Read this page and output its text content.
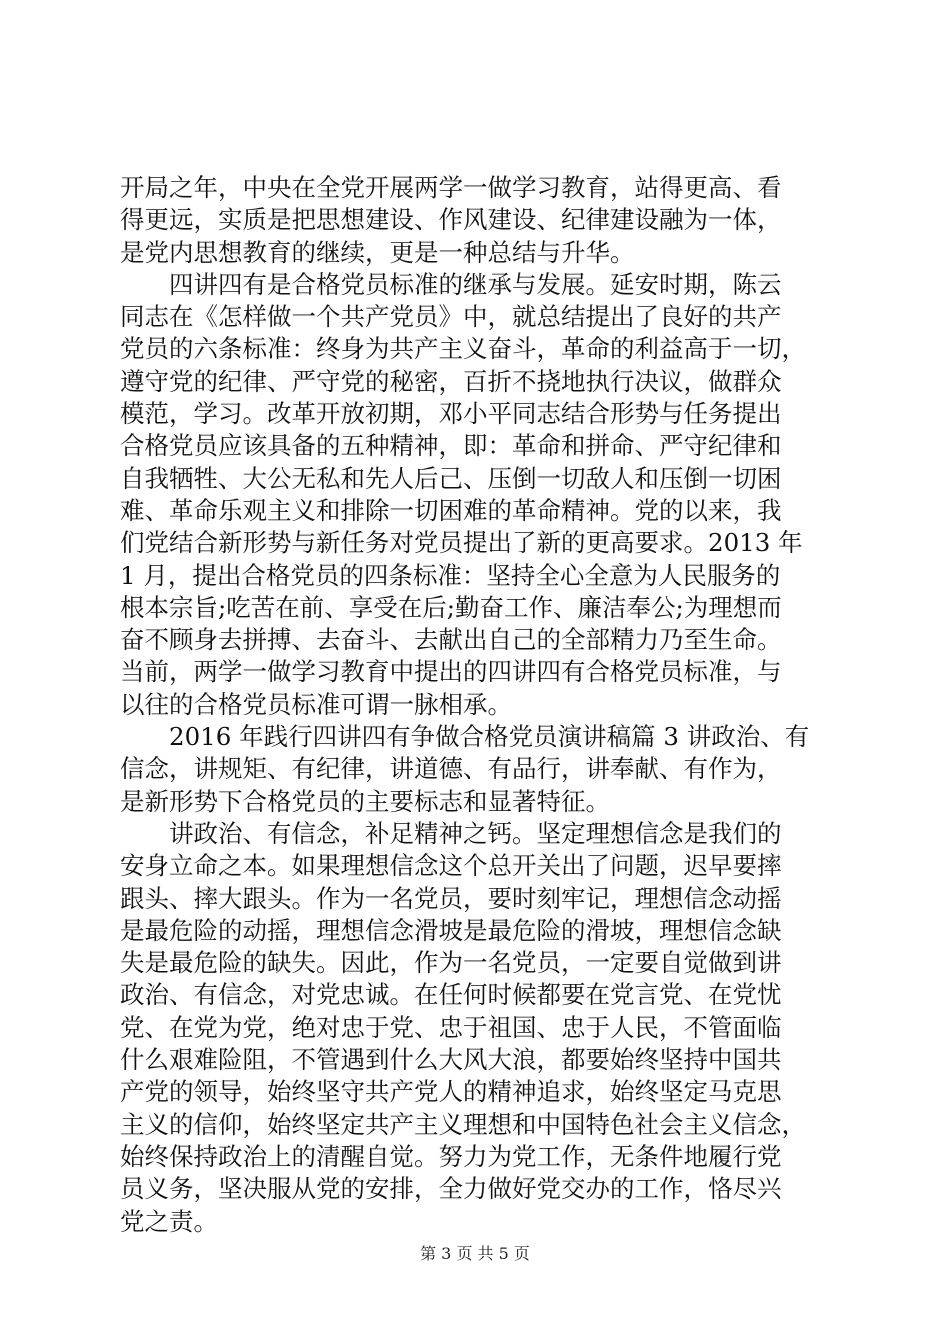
开局之年，中央在全党开展两学一做学习教育，站得更高、看
得更远，实质是把思想建设、作风建设、纪律建设融为一体，
是党内思想教育的继续，更是一种总结与升华。
四讲四有是合格党员标准的继承与发展。延安时期，陈云
同志在《怎样做一个共产党员》中，就总结提出了良好的共产
党员的六条标准：终身为共产主义奋斗，革命的利益高于一切，
遵守党的纪律、严守党的秘密，百折不挠地执行决议，做群众
模范，学习。改革开放初期，邓小平同志结合形势与任务提出
合格党员应该具备的五种精神，即：革命和拼命、严守纪律和
自我牺牲、大公无私和先人后己、压倒一切敌人和压倒一切困
难、革命乐观主义和排除一切困难的革命精神。党的以来，我
们党结合新形势与新任务对党员提出了新的更高要求。2013 年
1 月，提出合格党员的四条标准：坚持全心全意为人民服务的
根本宗旨;吃苦在前、享受在后;勤奋工作、廉洁奉公;为理想而
奋不顾身去拼搏、去奋斗、去献出自己的全部精力乃至生命。
当前，两学一做学习教育中提出的四讲四有合格党员标准，与
以往的合格党员标准可谓一脉相承。
2016 年践行四讲四有争做合格党员演讲稿篇 3 讲政治、有
信念，讲规矩、有纪律，讲道德、有品行，讲奉献、有作为，
是新形势下合格党员的主要标志和显著特征。
讲政治、有信念，补足精神之钙。坚定理想信念是我们的
安身立命之本。如果理想信念这个总开关出了问题，迟早要摔
跟头、摔大跟头。作为一名党员，要时刻牢记，理想信念动摇
是最危险的动摇，理想信念滑坡是最危险的滑坡，理想信念缺
失是最危险的缺失。因此，作为一名党员，一定要自觉做到讲
政治、有信念，对党忠诚。在任何时候都要在党言党、在党忧
党、在党为党，绝对忠于党、忠于祖国、忠于人民，不管面临
什么艰难险阻，不管遇到什么大风大浪，都要始终坚持中国共
产党的领导，始终坚守共产党人的精神追求，始终坚定马克思
主义的信仰，始终坚定共产主义理想和中国特色社会主义信念，
始终保持政治上的清醒自觉。努力为党工作，无条件地履行党
员义务，坚决服从党的安排，全力做好党交办的工作，恪尽兴
党之责。
第 3 页 共 5 页
